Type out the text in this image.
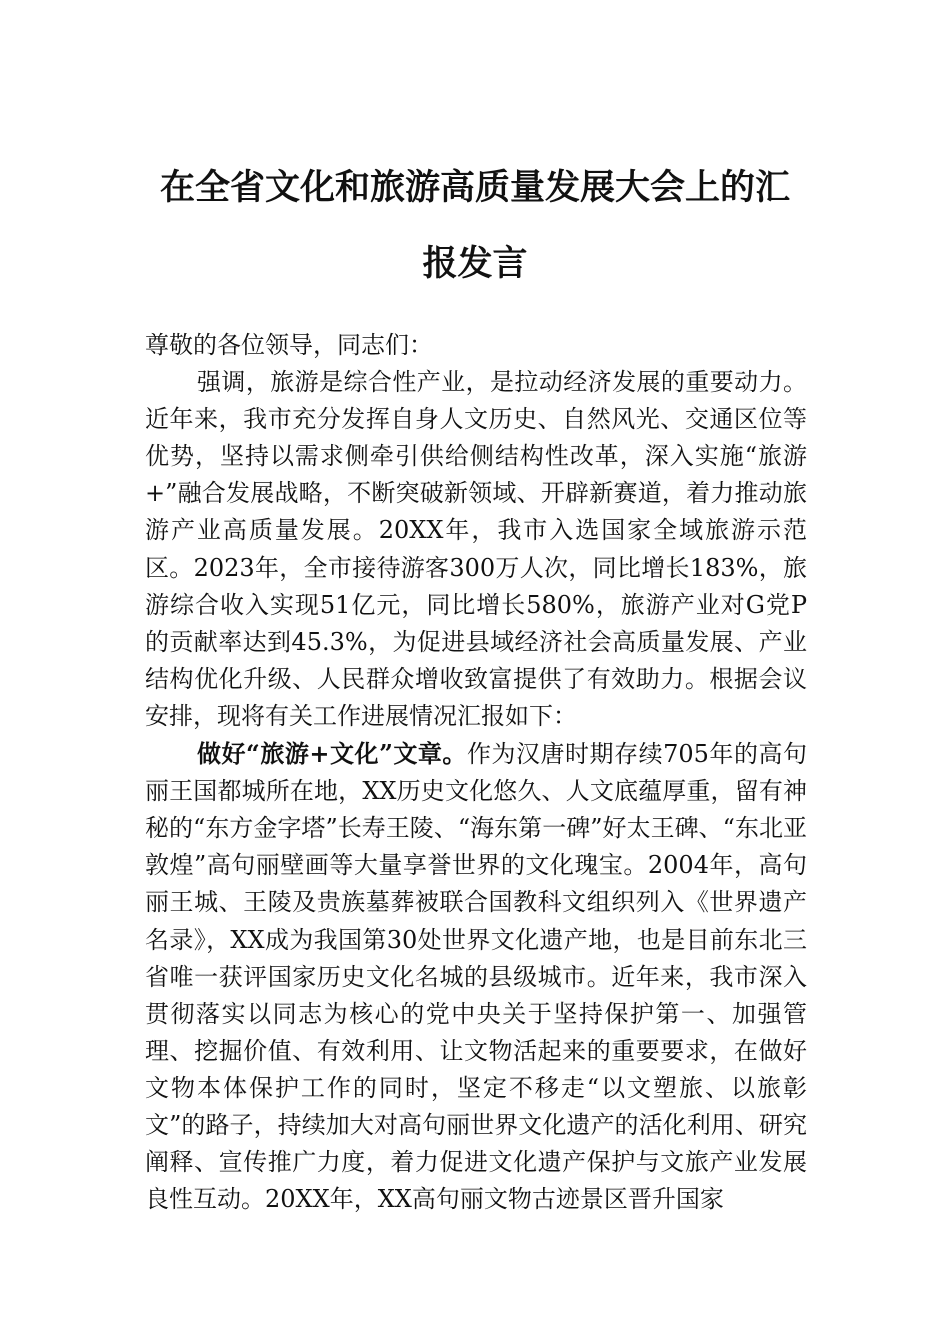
在全省文化和旅游高质量发展大会上的汇
报发言

尊敬的各位领导，同志们：

强调，旅游是综合性产业，是拉动经济发展的重要动力。近年来，我市充分发挥自身人文历史、自然风光、交通区位等优势，坚持以需求侧牵引供给侧结构性改革，深入实施“旅游+”融合发展战略，不断突破新领域、开辟新赛道，着力推动旅游产业高质量发展。20XX年，我市入选国家全域旅游示范区。2023年，全市接待游客300万人次，同比增长183%，旅游综合收入实现51亿元，同比增长580%，旅游产业对G党P的贡献率达到45.3%，为促进县域经济社会高质量发展、产业结构优化升级、人民群众增收致富提供了有效助力。根据会议安排，现将有关工作进展情况汇报如下：

做好“旅游+文化”文章。作为汉唐时期存续705年的高句丽王国都城所在地，XX历史文化悠久、人文底蕴厚重，留有神秘的“东方金字塔”长寿王陵、“海东第一碑”好太王碑、“东北亚敦煌”高句丽壁画等大量享誉世界的文化瑰宝。2004年，高句丽王城、王陵及贵族墓葬被联合国教科文组织列入《世界遗产名录》，XX成为我国第30处世界文化遗产地，也是目前东北三省唯一获评国家历史文化名城的县级城市。近年来，我市深入贯彻落实以同志为核心的党中央关于坚持保护第一、加强管理、挖掘价值、有效利用、让文物活起来的重要要求，在做好文物本体保护工作的同时，坚定不移走“以文塑旅、以旅彰文”的路子，持续加大对高句丽世界文化遗产的活化利用、研究阐释、宣传推广力度，着力促进文化遗产保护与文旅产业发展良性互动。20XX年，XX高句丽文物古迹景区晋升国家
